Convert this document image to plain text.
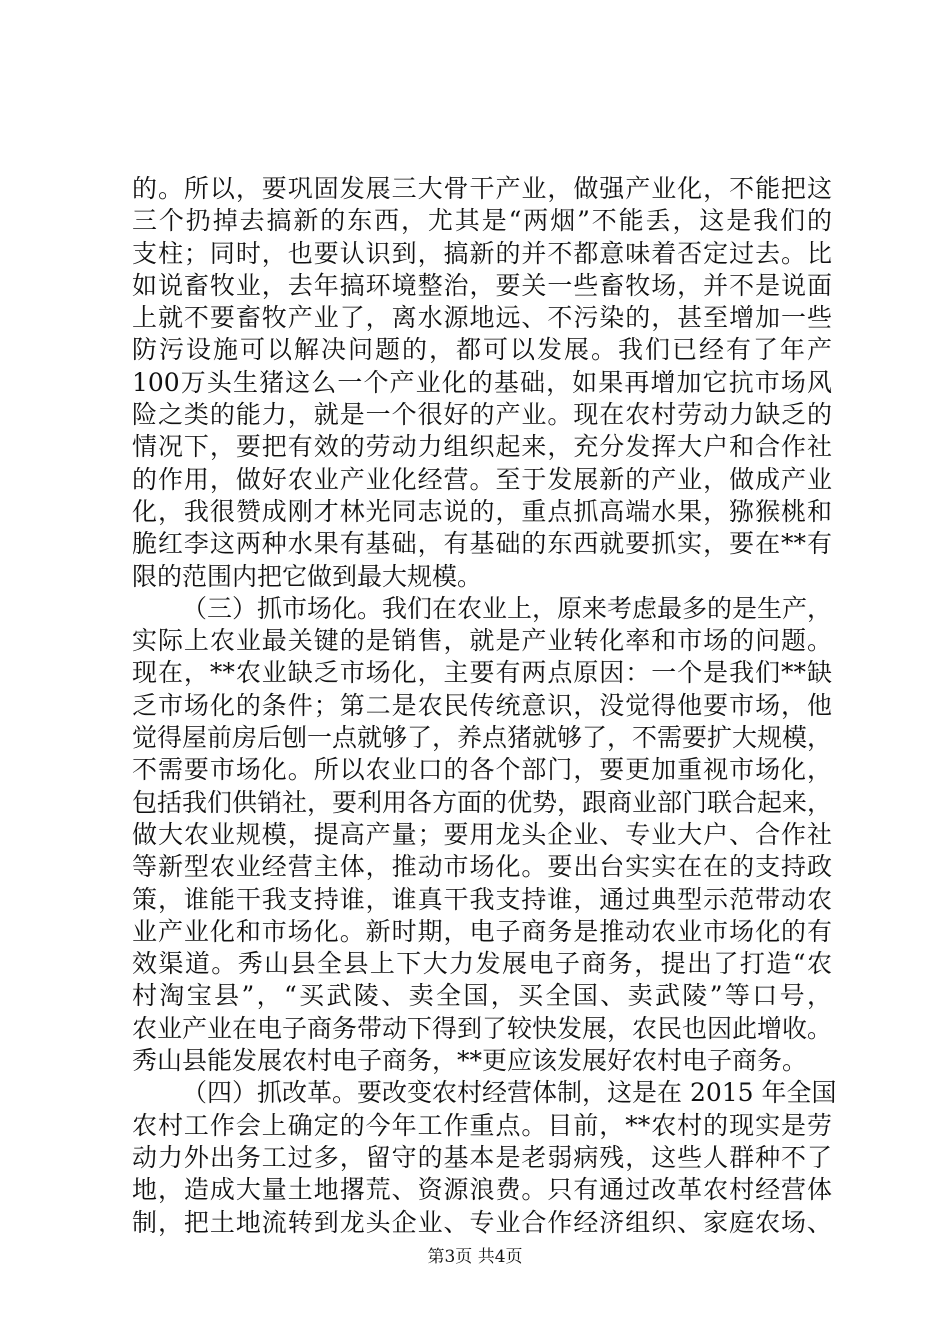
的。所以，要巩固发展三大骨干产业，做强产业化，不能把这
三个扔掉去搞新的东西，尤其是“两烟”不能丢，这是我们的
支柱；同时，也要认识到，搞新的并不都意味着否定过去。比
如说畜牧业，去年搞环境整治，要关一些畜牧场，并不是说面
上就不要畜牧产业了，离水源地远、不污染的，甚至增加一些
防污设施可以解决问题的，都可以发展。我们已经有了年产
100万头生猪这么一个产业化的基础，如果再增加它抗市场风
险之类的能力，就是一个很好的产业。现在农村劳动力缺乏的
情况下，要把有效的劳动力组织起来，充分发挥大户和合作社
的作用，做好农业产业化经营。至于发展新的产业，做成产业
化，我很赞成刚才林光同志说的，重点抓高端水果，猕猴桃和
脆红李这两种水果有基础，有基础的东西就要抓实，要在**有
限的范围内把它做到最大规模。
（三）抓市场化。我们在农业上，原来考虑最多的是生产，
实际上农业最关键的是销售，就是产业转化率和市场的问题。
现在，**农业缺乏市场化，主要有两点原因：一个是我们**缺
乏市场化的条件；第二是农民传统意识，没觉得他要市场，他
觉得屋前房后刨一点就够了，养点猪就够了，不需要扩大规模，
不需要市场化。所以农业口的各个部门，要更加重视市场化，
包括我们供销社，要利用各方面的优势，跟商业部门联合起来，
做大农业规模，提高产量；要用龙头企业、专业大户、合作社
等新型农业经营主体，推动市场化。要出台实实在在的支持政
策，谁能干我支持谁，谁真干我支持谁，通过典型示范带动农
业产业化和市场化。新时期，电子商务是推动农业市场化的有
效渠道。秀山县全县上下大力发展电子商务，提出了打造“农
村淘宝县”，“买武陵、卖全国，买全国、卖武陵”等口号，
农业产业在电子商务带动下得到了较快发展，农民也因此增收。
秀山县能发展农村电子商务，**更应该发展好农村电子商务。
（四）抓改革。要改变农村经营体制，这是在 2015 年全国
农村工作会上确定的今年工作重点。目前，**农村的现实是劳
动力外出务工过多，留守的基本是老弱病残，这些人群种不了
地，造成大量土地撂荒、资源浪费。只有通过改革农村经营体
制，把土地流转到龙头企业、专业合作经济组织、家庭农场、
第3页 共4页
